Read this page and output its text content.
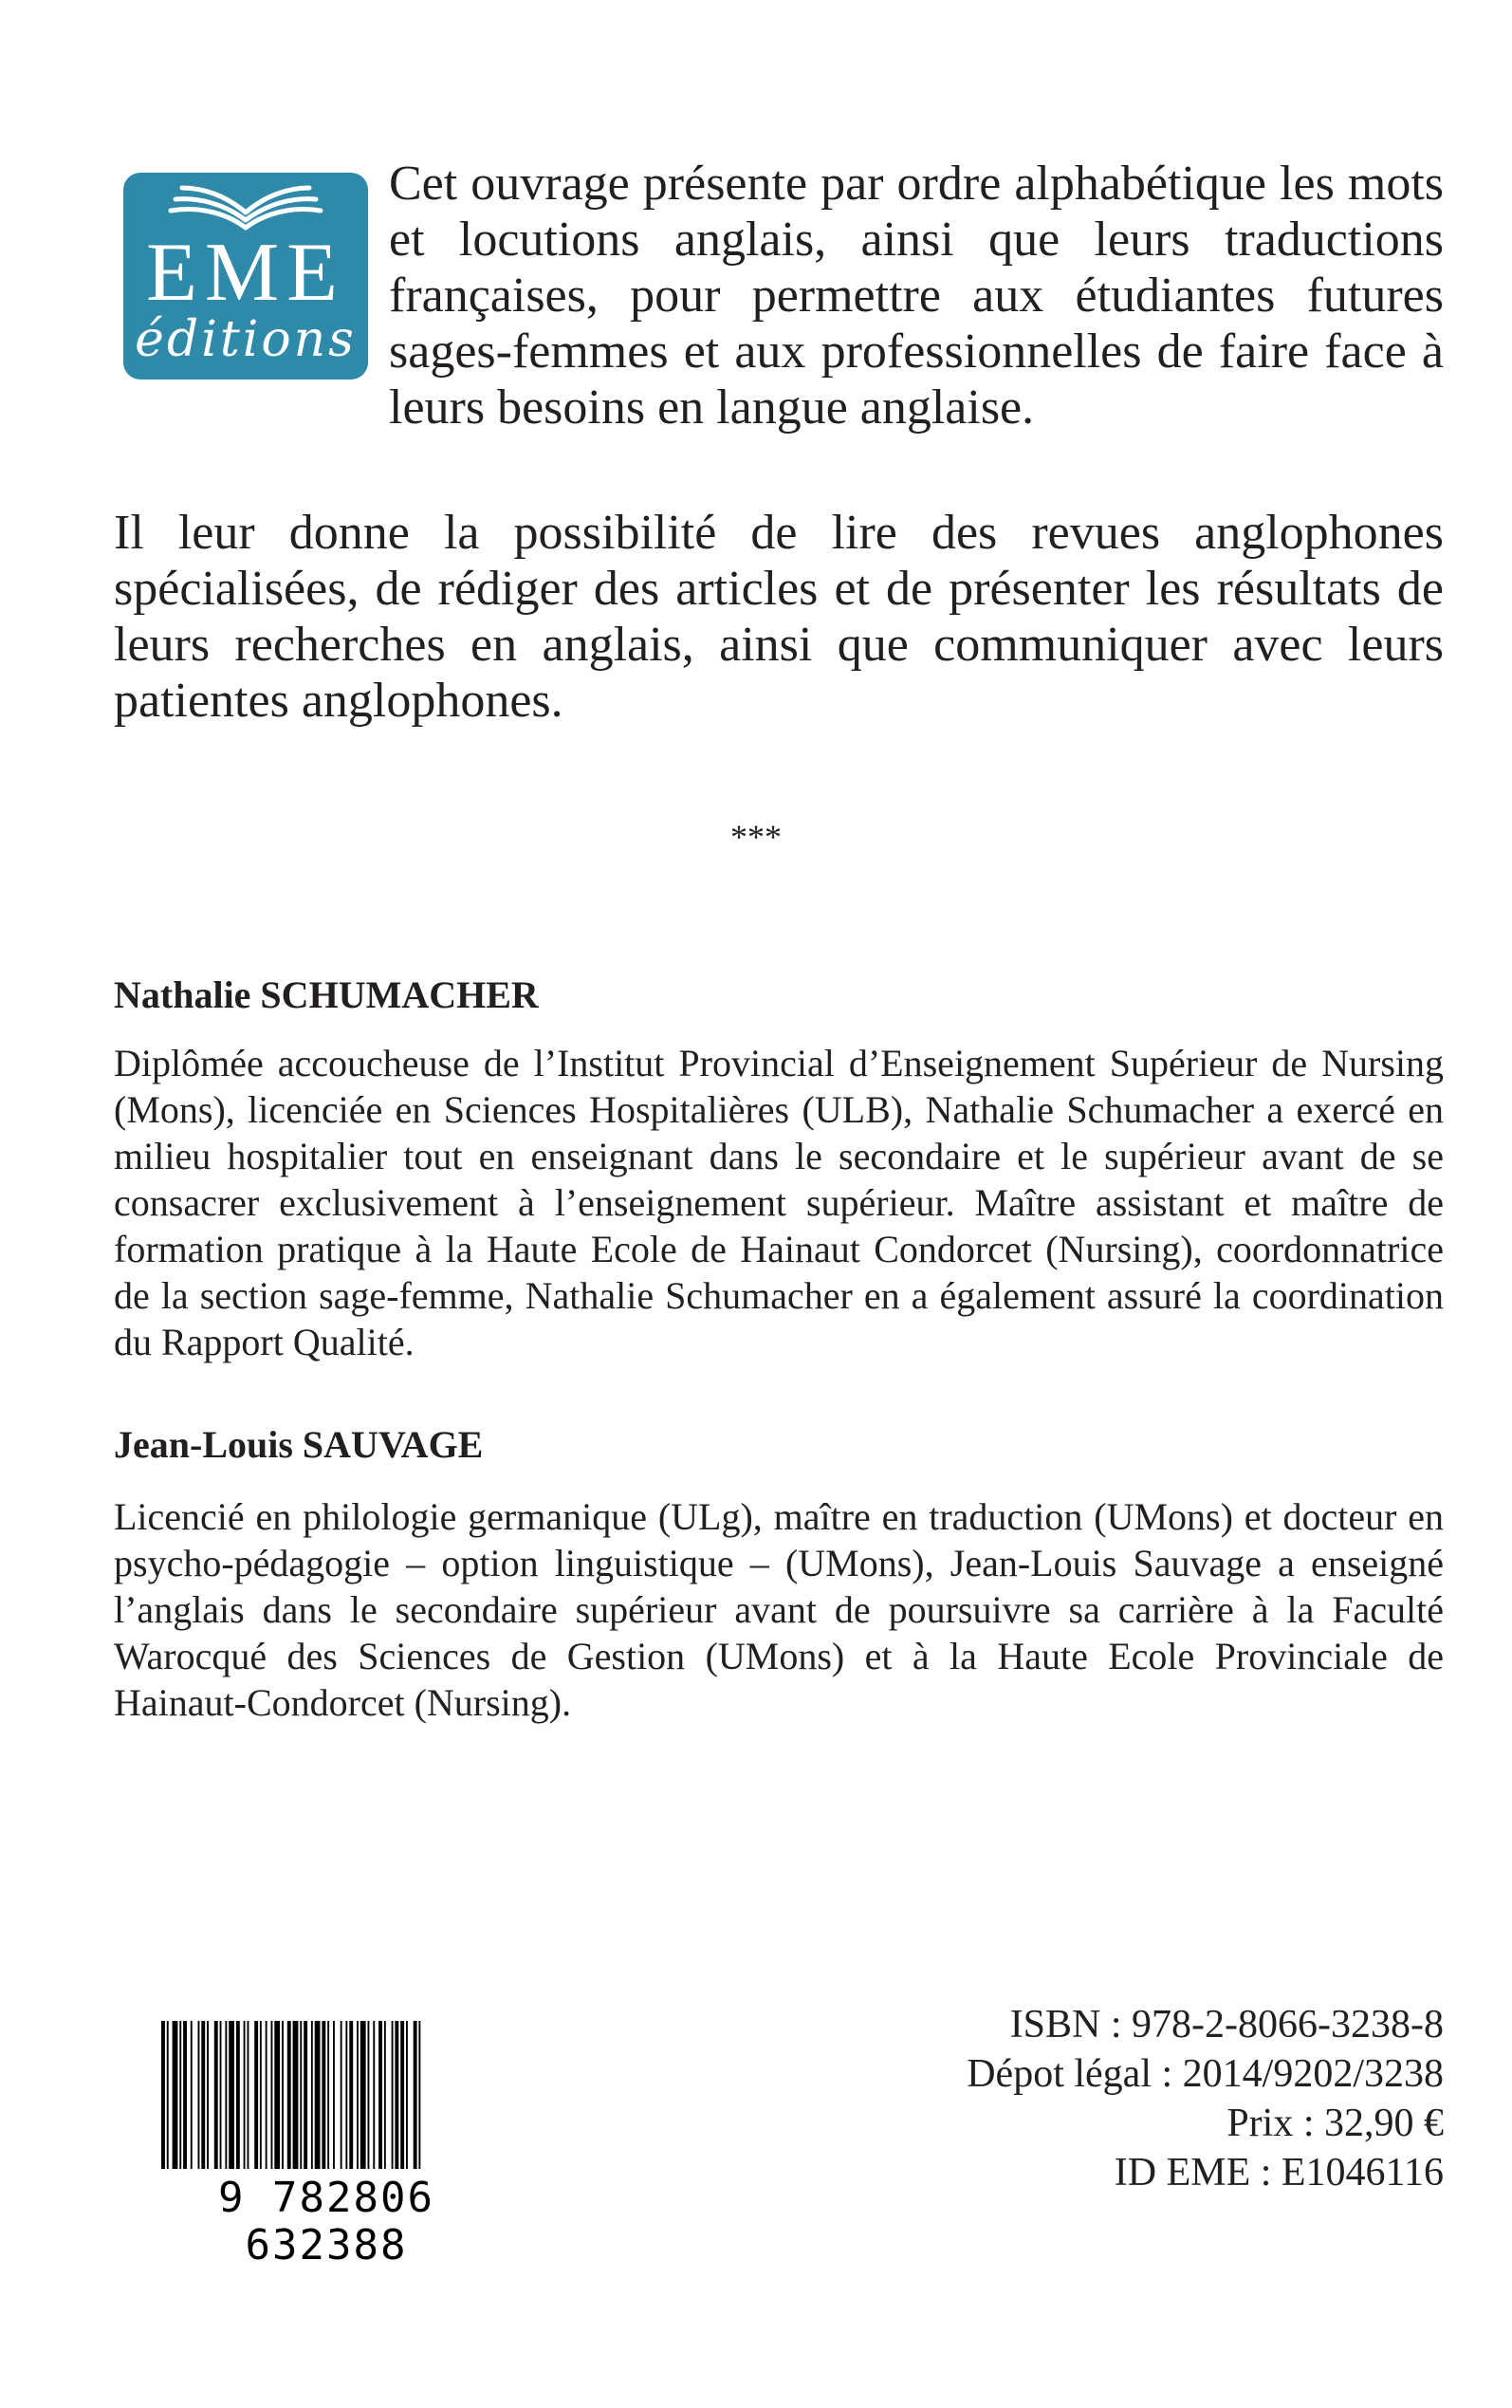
EME
éditions

Cet ouvrage présente par ordre alphabétique les mots et locutions anglais, ainsi que leurs traductions françaises, pour permettre aux étudiantes futures sages-femmes et aux professionnelles de faire face à leurs besoins en langue anglaise.

Il leur donne la possibilité de lire des revues anglophones spécialisées, de rédiger des articles et de présenter les résultats de leurs recherches en anglais, ainsi que communiquer avec leurs patientes anglophones.

***

Nathalie SCHUMACHER

Diplômée accoucheuse de l’Institut Provincial d’Enseignement Supérieur de Nursing (Mons), licenciée en Sciences Hospitalières (ULB), Nathalie Schumacher a exercé en milieu hospitalier tout en enseignant dans le secondaire et le supérieur avant de se consacrer exclusivement à l’enseignement supérieur. Maître assistant et maître de formation pratique à la Haute Ecole de Hainaut Condorcet (Nursing), coordonnatrice de la section sage-femme, Nathalie Schumacher en a également assuré la coordination du Rapport Qualité.

Jean-Louis SAUVAGE

Licencié en philologie germanique (ULg), maître en traduction (UMons) et docteur en psycho-pédagogie – option linguistique – (UMons), Jean-Louis Sauvage a enseigné l’anglais dans le secondaire supérieur avant de poursuivre sa carrière à la Faculté Warocqué des Sciences de Gestion (UMons) et à la Haute Ecole Provinciale de Hainaut-Condorcet (Nursing).

9 782806 632388
ISBN : 978-2-8066-3238-8
Dépot légal : 2014/9202/3238
Prix : 32,90 €
ID EME : E1046116
